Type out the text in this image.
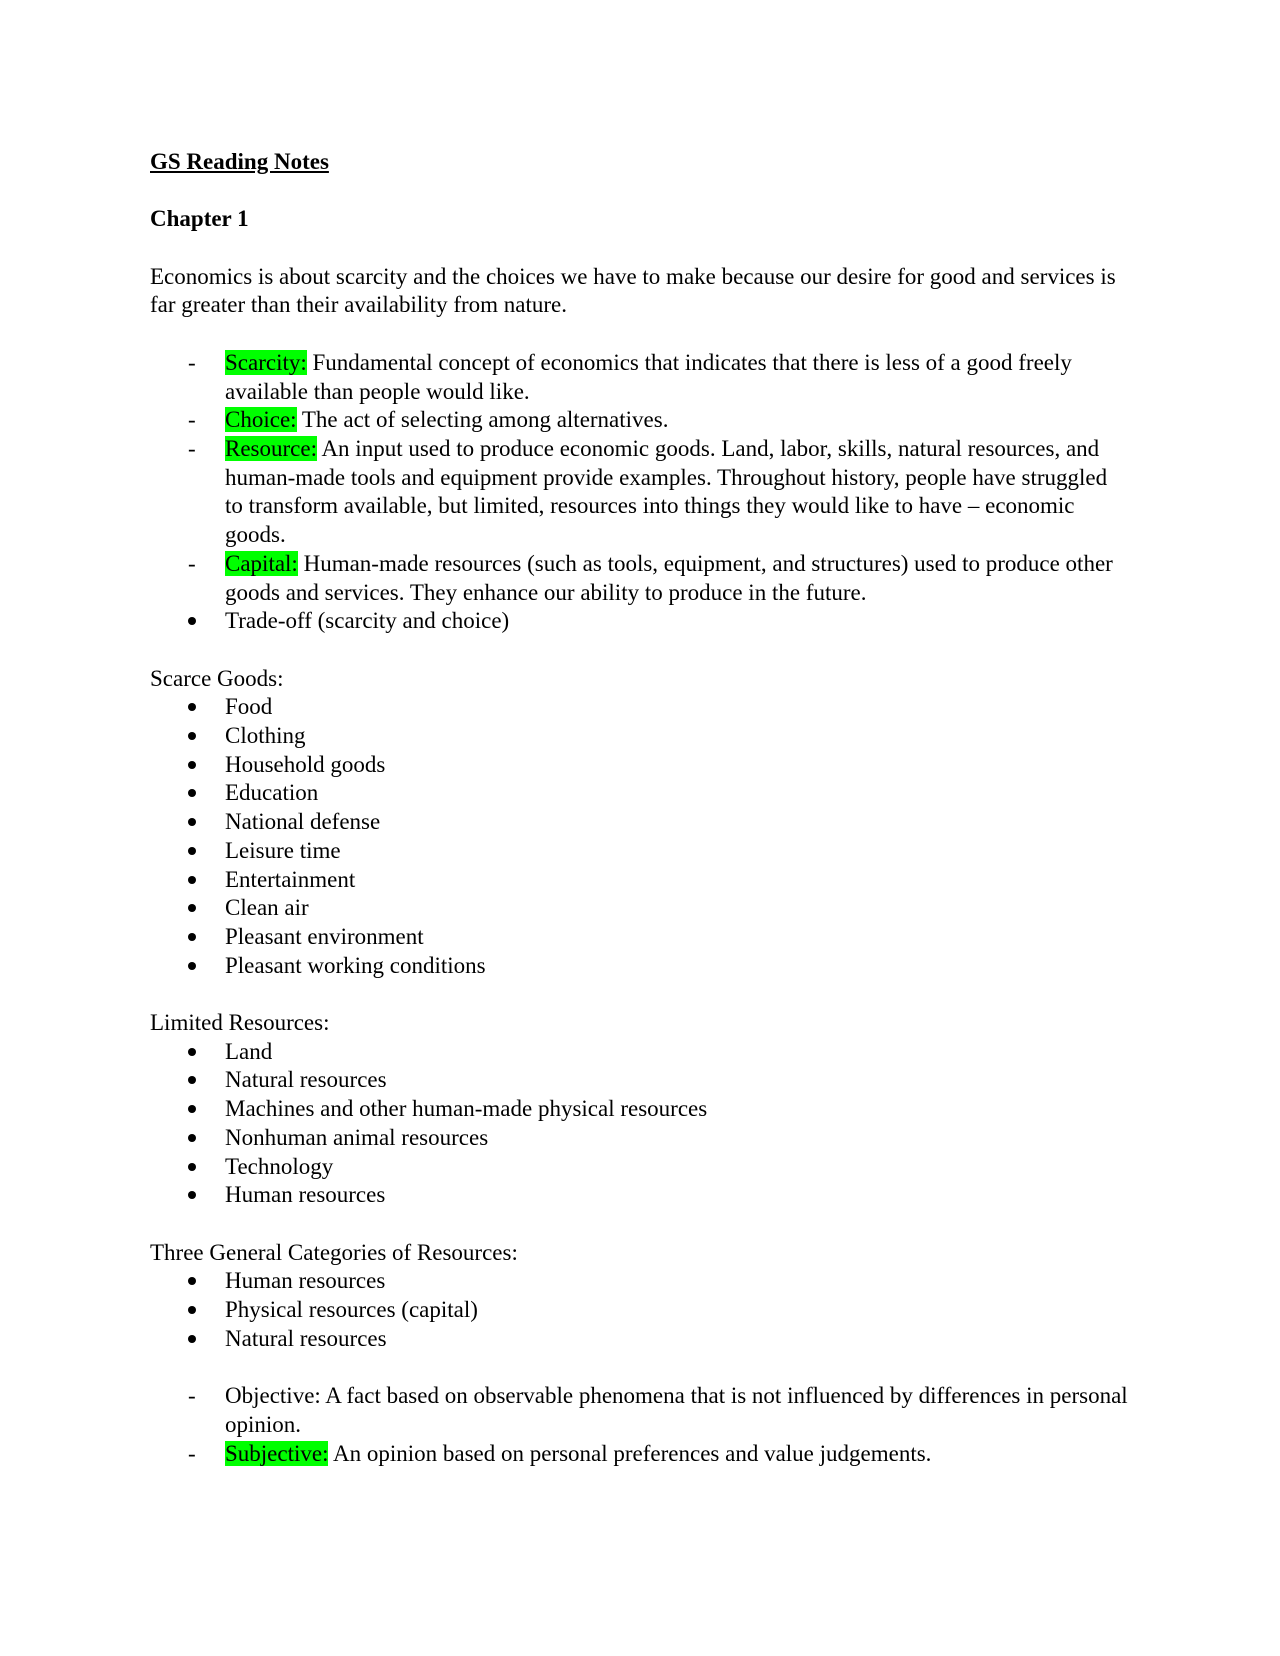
GS Reading Notes
Chapter 1

Economics is about scarcity and the choices we have to make because our desire for good and services is far greater than their availability from nature.

- Scarcity: Fundamental concept of economics that indicates that there is less of a good freely available than people would like.
- Choice: The act of selecting among alternatives.
- Resource: An input used to produce economic goods. Land, labor, skills, natural resources, and human-made tools and equipment provide examples. Throughout history, people have struggled to transform available, but limited, resources into things they would like to have – economic goods.
- Capital: Human-made resources (such as tools, equipment, and structures) used to produce other goods and services. They enhance our ability to produce in the future.
Trade-off (scarcity and choice)

Scarce Goods:

Food
Clothing
Household goods
Education
National defense
Leisure time
Entertainment
Clean air
Pleasant environment
Pleasant working conditions

Limited Resources:

Land
Natural resources
Machines and other human-made physical resources
Nonhuman animal resources
Technology
Human resources

Three General Categories of Resources:

Human resources
Physical resources (capital)
Natural resources
- Objective: A fact based on observable phenomena that is not influenced by differences in personal opinion.
- Subjective: An opinion based on personal preferences and value judgements.
